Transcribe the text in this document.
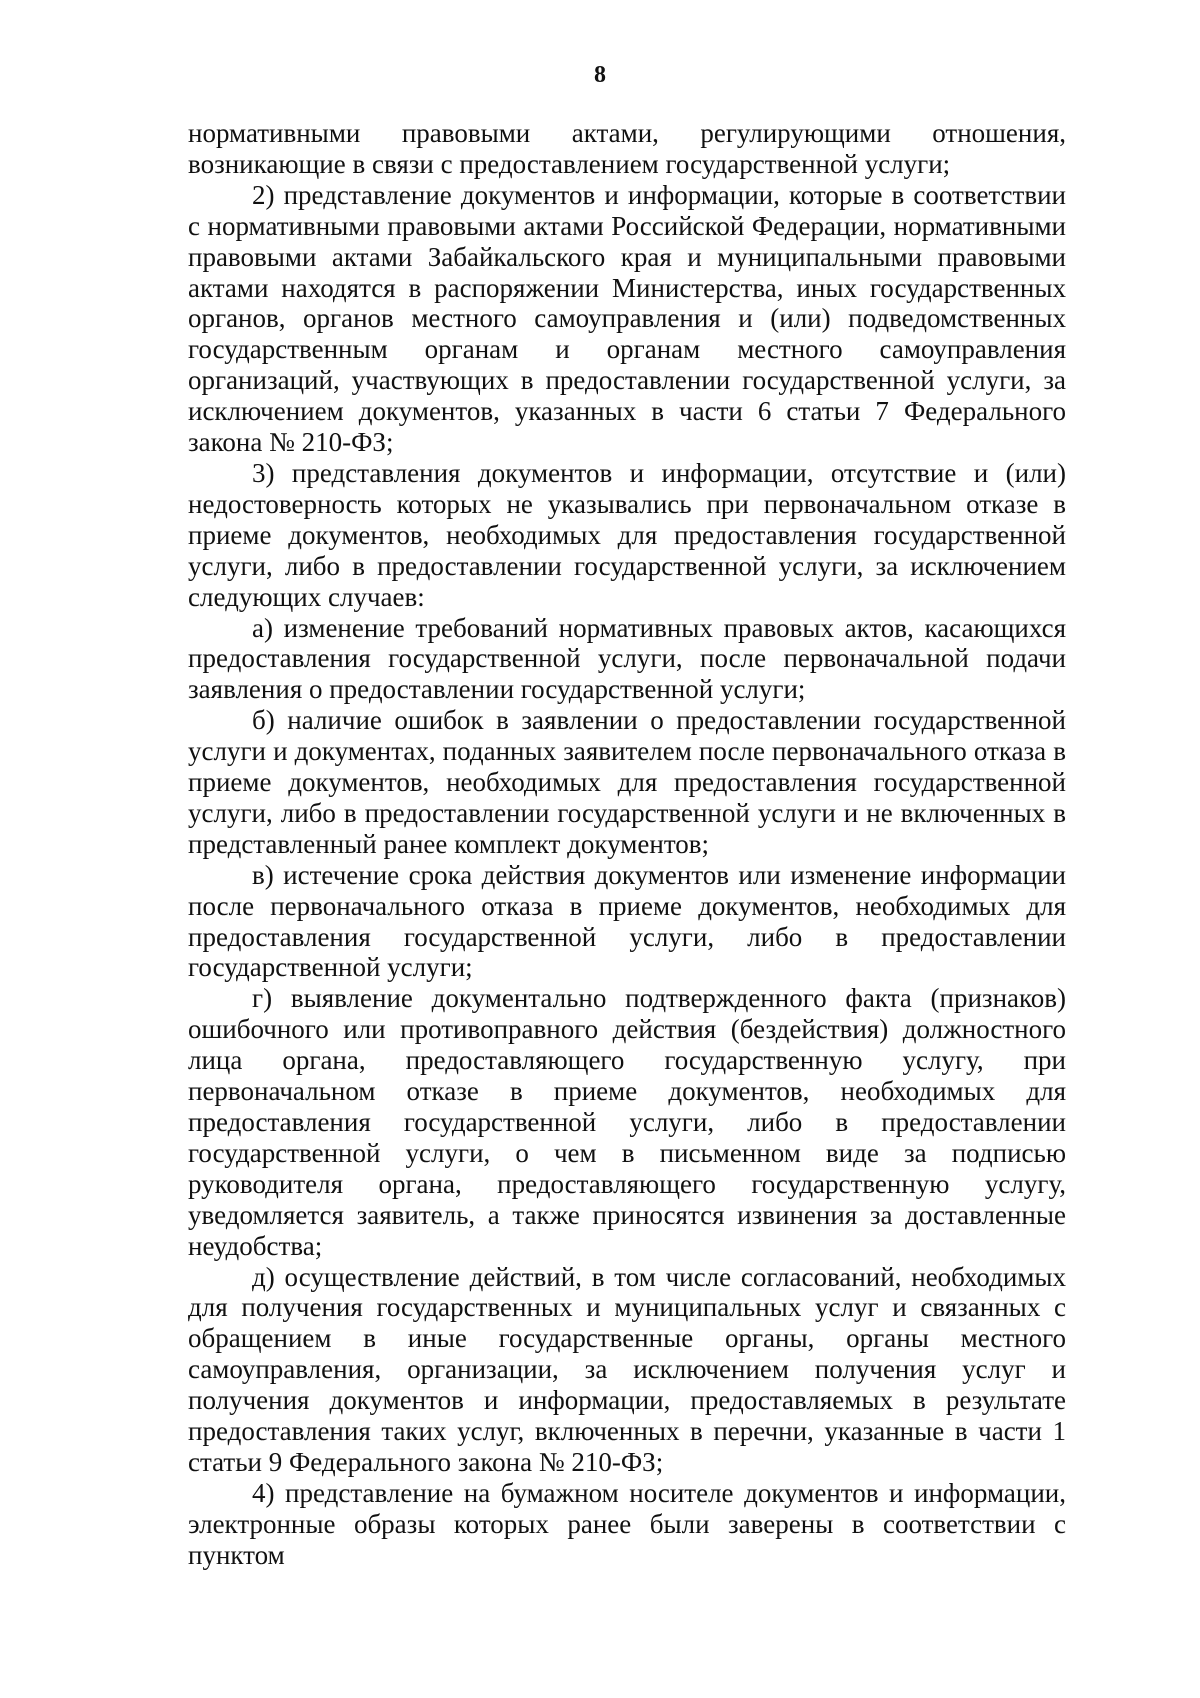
8

нормативными правовыми актами, регулирующими отношения, возникающие в связи с предоставлением государственной услуги;

2) представление документов и информации, которые в соответствии с нормативными правовыми актами Российской Федерации, нормативными правовыми актами Забайкальского края и муниципальными правовыми актами находятся в распоряжении Министерства, иных государственных органов, органов местного самоуправления и (или) подведомственных государственным органам и органам местного самоуправления организаций, участвующих в предоставлении государственной услуги, за исключением документов, указанных в части 6 статьи 7 Федерального закона № 210-ФЗ;

3) представления документов и информации, отсутствие и (или) недостоверность которых не указывались при первоначальном отказе в приеме документов, необходимых для предоставления государственной услуги, либо в предоставлении государственной услуги, за исключением следующих случаев:

а) изменение требований нормативных правовых актов, касающихся предоставления государственной услуги, после первоначальной подачи заявления о предоставлении государственной услуги;

б) наличие ошибок в заявлении о предоставлении государственной услуги и документах, поданных заявителем после первоначального отказа в приеме документов, необходимых для предоставления государственной услуги, либо в предоставлении государственной услуги и не включенных в представленный ранее комплект документов;

в) истечение срока действия документов или изменение информации после первоначального отказа в приеме документов, необходимых для предоставления государственной услуги, либо в предоставлении государственной услуги;

г) выявление документально подтвержденного факта (признаков) ошибочного или противоправного действия (бездействия) должностного лица органа, предоставляющего государственную услугу, при первоначальном отказе в приеме документов, необходимых для предоставления государственной услуги, либо в предоставлении государственной услуги, о чем в письменном виде за подписью руководителя органа, предоставляющего государственную услугу, уведомляется заявитель, а также приносятся извинения за доставленные неудобства;

д) осуществление действий, в том числе согласований, необходимых для получения государственных и муниципальных услуг и связанных с обращением в иные государственные органы, органы местного самоуправления, организации, за исключением получения услуг и получения документов и информации, предоставляемых в результате предоставления таких услуг, включенных в перечни, указанные в части 1 статьи 9 Федерального закона № 210-ФЗ;

4) представление на бумажном носителе документов и информации, электронные образы которых ранее были заверены в соответствии с пунктом
